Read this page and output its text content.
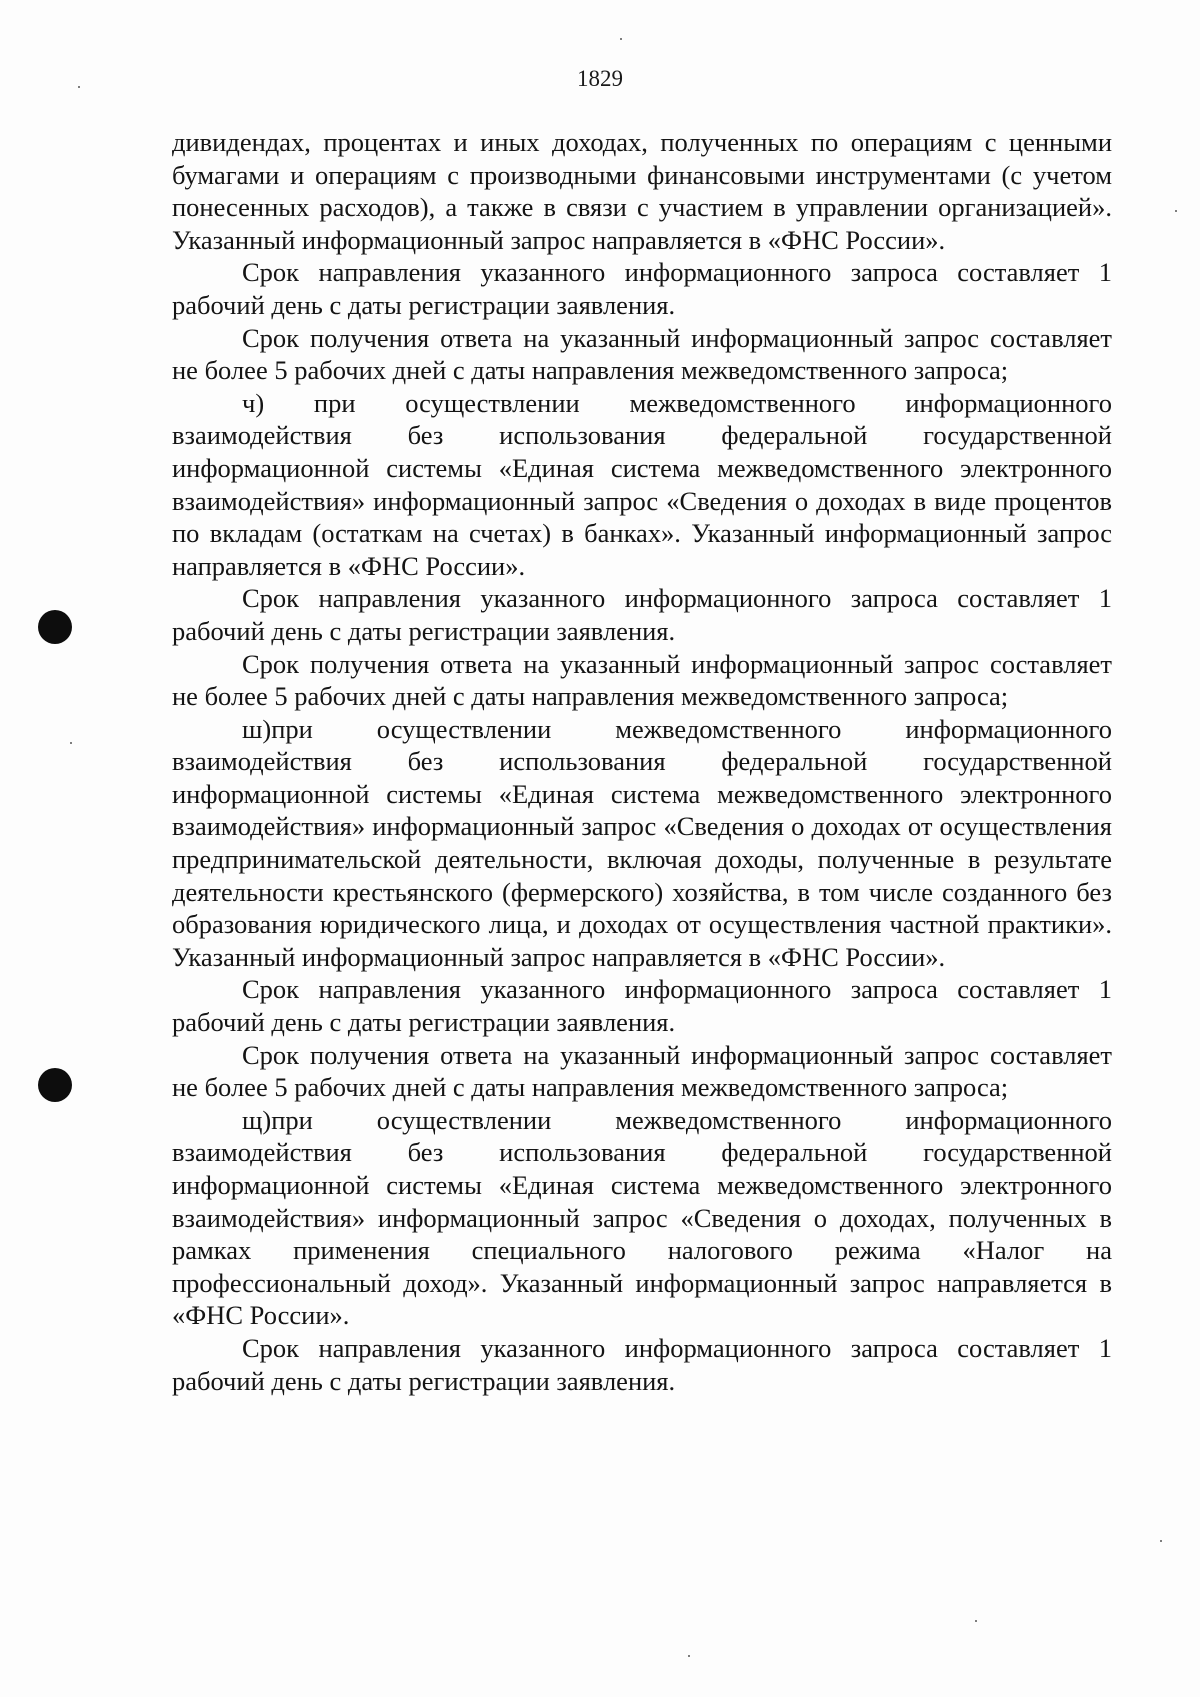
1829

дивидендах, процентах и иных доходах, полученных по операциям с ценными бумагами и операциям с производными финансовыми инструментами (с учетом понесенных расходов), а также в связи с участием в управлении организацией». Указанный информационный запрос направляется в «ФНС России».

Срок направления указанного информационного запроса составляет 1 рабочий день с даты регистрации заявления.

Срок получения ответа на указанный информационный запрос составляет не более 5 рабочих дней с даты направления межведомственного запроса;

ч) при осуществлении межведомственного информационного взаимодействия без использования федеральной государственной информационной системы «Единая система межведомственного электронного взаимодействия» информационный запрос «Сведения о доходах в виде процентов по вкладам (остаткам на счетах) в банках». Указанный информационный запрос направляется в «ФНС России».

Срок направления указанного информационного запроса составляет 1 рабочий день с даты регистрации заявления.

Срок получения ответа на указанный информационный запрос составляет не более 5 рабочих дней с даты направления межведомственного запроса;

ш)при осуществлении межведомственного информационного взаимодействия без использования федеральной государственной информационной системы «Единая система межведомственного электронного взаимодействия» информационный запрос «Сведения о доходах от осуществления предпринимательской деятельности, включая доходы, полученные в результате деятельности крестьянского (фермерского) хозяйства, в том числе созданного без образования юридического лица, и доходах от осуществления частной практики». Указанный информационный запрос направляется в «ФНС России».

Срок направления указанного информационного запроса составляет 1 рабочий день с даты регистрации заявления.

Срок получения ответа на указанный информационный запрос составляет не более 5 рабочих дней с даты направления межведомственного запроса;

щ)при осуществлении межведомственного информационного взаимодействия без использования федеральной государственной информационной системы «Единая система межведомственного электронного взаимодействия» информационный запрос «Сведения о доходах, полученных в рамках применения специального налогового режима «Налог на профессиональный доход». Указанный информационный запрос направляется в «ФНС России».

Срок направления указанного информационного запроса составляет 1 рабочий день с даты регистрации заявления.
